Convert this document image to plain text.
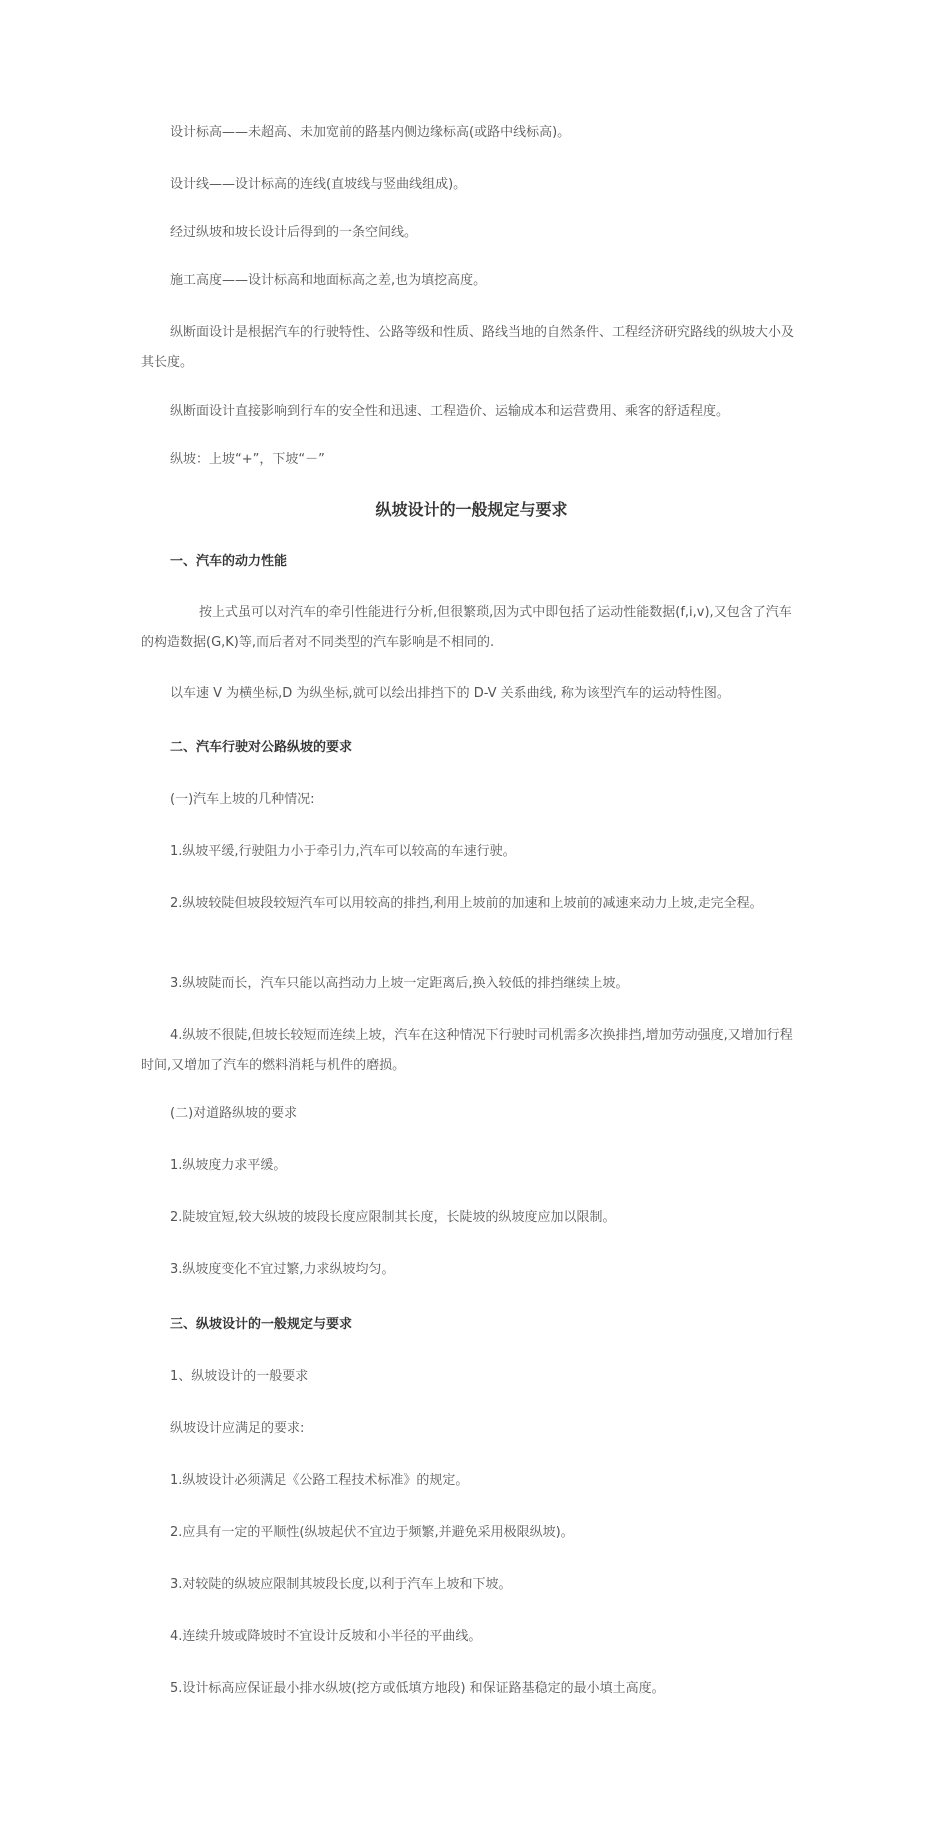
设计标高——未超高、未加宽前的路基内侧边缘标高(或路中线标高)。

设计线——设计标高的连线(直坡线与竖曲线组成)。

经过纵坡和坡长设计后得到的一条空间线。

施工高度——设计标高和地面标高之差,也为填挖高度。

纵断面设计是根据汽车的行驶特性、公路等级和性质、路线当地的自然条件、工程经济研究路线的纵坡大小及其长度。

纵断面设计直接影响到行车的安全性和迅速、工程造价、运输成本和运营费用、乘客的舒适程度。

纵坡：上坡“+”，下坡“－”

纵坡设计的一般规定与要求
一、汽车的动力性能

按上式虽可以对汽车的牵引性能进行分析,但很繁琐,因为式中即包括了运动性能数据(f,i,v),又包含了汽车的构造数据(G,K)等,而后者对不同类型的汽车影响是不相同的.

以车速 V 为横坐标,D 为纵坐标,就可以绘出排挡下的 D-V 关系曲线, 称为该型汽车的运动特性图。

二、汽车行驶对公路纵坡的要求

(一)汽车上坡的几种情况:

1.纵坡平缓,行驶阻力小于牵引力,汽车可以较高的车速行驶。

2.纵坡较陡但坡段较短汽车可以用较高的排挡,利用上坡前的加速和上坡前的减速来动力上坡,走完全程。

3.纵坡陡而长，汽车只能以高挡动力上坡一定距离后,换入较低的排挡继续上坡。

4.纵坡不很陡,但坡长较短而连续上坡，汽车在这种情况下行驶时司机需多次换排挡,增加劳动强度,又增加行程时间,又增加了汽车的燃料消耗与机件的磨损。

(二)对道路纵坡的要求

1.纵坡度力求平缓。

2.陡坡宜短,较大纵坡的坡段长度应限制其长度，长陡坡的纵坡度应加以限制。

3.纵坡度变化不宜过繁,力求纵坡均匀。

三、纵坡设计的一般规定与要求

1、纵坡设计的一般要求

纵坡设计应满足的要求:

1.纵坡设计必须满足《公路工程技术标准》的规定。

2.应具有一定的平顺性(纵坡起伏不宜边于频繁,并避免采用极限纵坡)。

3.对较陡的纵坡应限制其坡段长度,以利于汽车上坡和下坡。

4.连续升坡或降坡时不宜设计反坡和小半径的平曲线。

5.设计标高应保证最小排水纵坡(挖方或低填方地段) 和保证路基稳定的最小填土高度。
